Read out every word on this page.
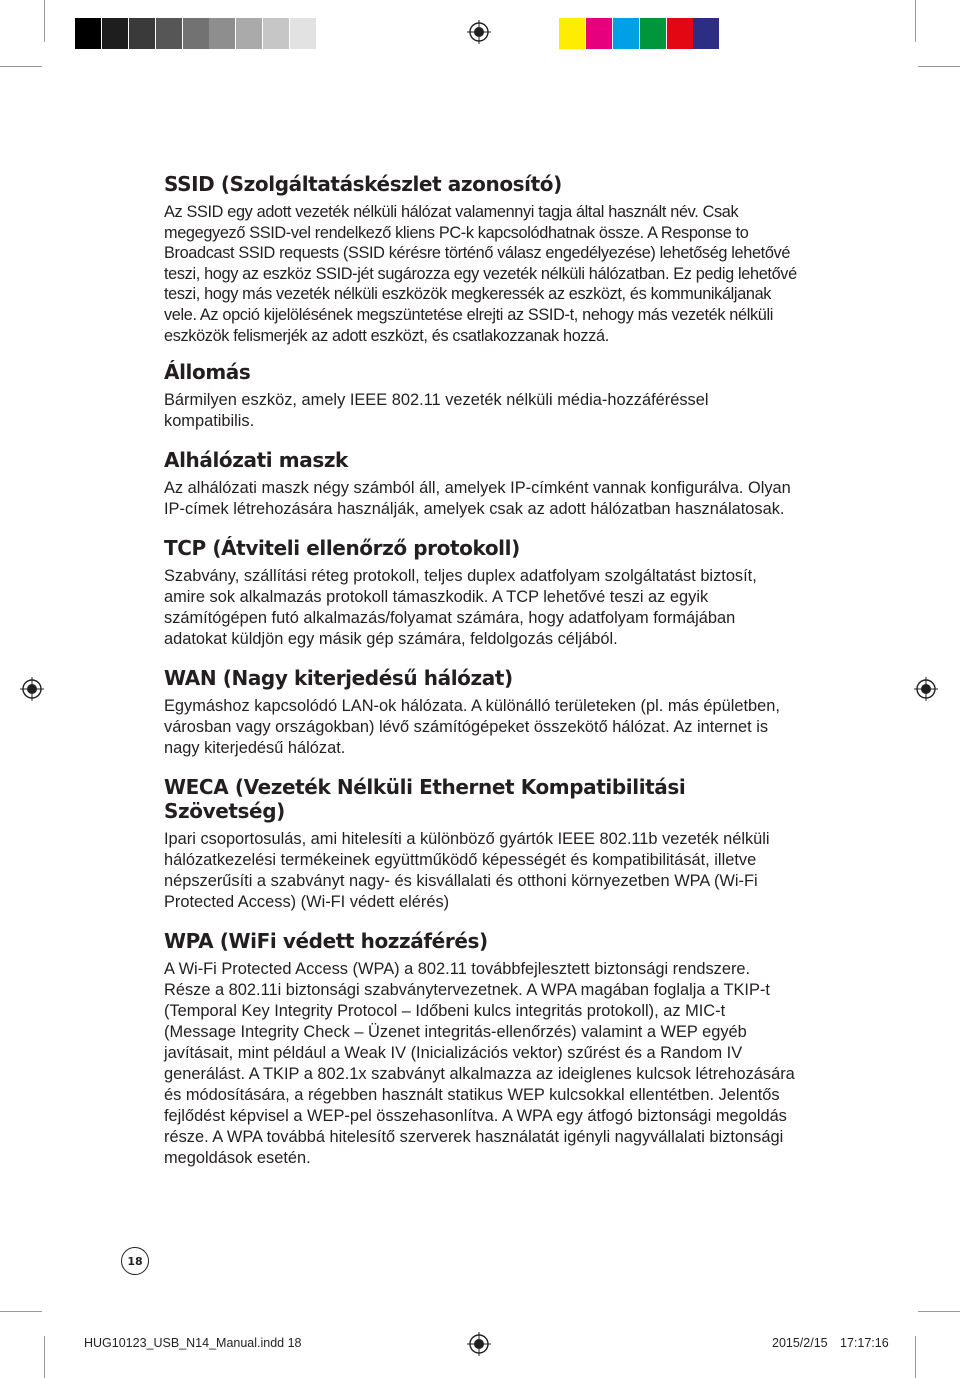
SSID (Szolgáltatáskészlet azonosító)

Az SSID egy adott vezeték nélküli hálózat valamennyi tagja által használt név. Csak megegyező SSID-vel rendelkező kliens PC-k kapcsolódhatnak össze. A Response to Broadcast SSID requests (SSID kérésre történő válasz engedélyezése) lehetőség lehetővé teszi, hogy az eszköz SSID-jét sugározza egy vezeték nélküli hálózatban. Ez pedig lehetővé teszi, hogy más vezeték nélküli eszközök megkeressék az eszközt, és kommunikáljanak vele. Az opció kijelölésének megszüntetése elrejti az SSID-t, nehogy más vezeték nélküli eszközök felismerjék az adott eszközt, és csatlakozzanak hozzá.

Állomás

Bármilyen eszköz, amely IEEE 802.11 vezeték nélküli média-hozzáféréssel kompatibilis.

Alhálózati maszk

Az alhálózati maszk négy számból áll, amelyek IP-címként vannak konfigurálva. Olyan IP-címek létrehozására használják, amelyek csak az adott hálózatban használatosak.

TCP (Átviteli ellenőrző protokoll)

Szabvány, szállítási réteg protokoll, teljes duplex adatfolyam szolgáltatást biztosít, amire sok alkalmazás protokoll támaszkodik. A TCP lehetővé teszi az egyik számítógépen futó alkalmazás/folyamat számára, hogy adatfolyam formájában adatokat küldjön egy másik gép számára, feldolgozás céljából.

WAN (Nagy kiterjedésű hálózat)

Egymáshoz kapcsolódó LAN-ok hálózata. A különálló területeken (pl. más épületben, városban vagy országokban) lévő számítógépeket összekötő hálózat. Az internet is nagy kiterjedésű hálózat.

WECA (Vezeték Nélküli Ethernet Kompatibilitási Szövetség)

Ipari csoportosulás, ami hitelesíti a különböző gyártók IEEE 802.11b vezeték nélküli hálózatkezelési termékeinek együttműködő képességét és kompatibilitását, illetve népszerűsíti a szabványt nagy- és kisvállalati és otthoni környezetben WPA (Wi-Fi Protected Access) (Wi-FI védett elérés)

WPA (WiFi védett hozzáférés)

A Wi-Fi Protected Access (WPA) a 802.11 továbbfejlesztett biztonsági rendszere. Része a 802.11i biztonsági szabványtervezetnek. A WPA magában foglalja a TKIP-t (Temporal Key Integrity Protocol – Időbeni kulcs integritás protokoll), az MIC-t (Message Integrity Check – Üzenet integritás-ellenőrzés) valamint a WEP egyéb javításait, mint például a Weak IV (Inicializációs vektor) szűrést és a Random IV generálást. A TKIP a 802.1x szabványt alkalmazza az ideiglenes kulcsok létrehozására és módosítására, a régebben használt statikus WEP kulcsokkal ellentétben. Jelentős fejlődést képvisel a WEP-pel összehasonlítva. A WPA egy átfogó biztonsági megoldás része. A WPA továbbá hitelesítő szerverek használatát igényli nagyvállalati biztonsági megoldások esetén.

18
HUG10123_USB_N14_Manual.indd 18	2015/2/15 17:17:16
